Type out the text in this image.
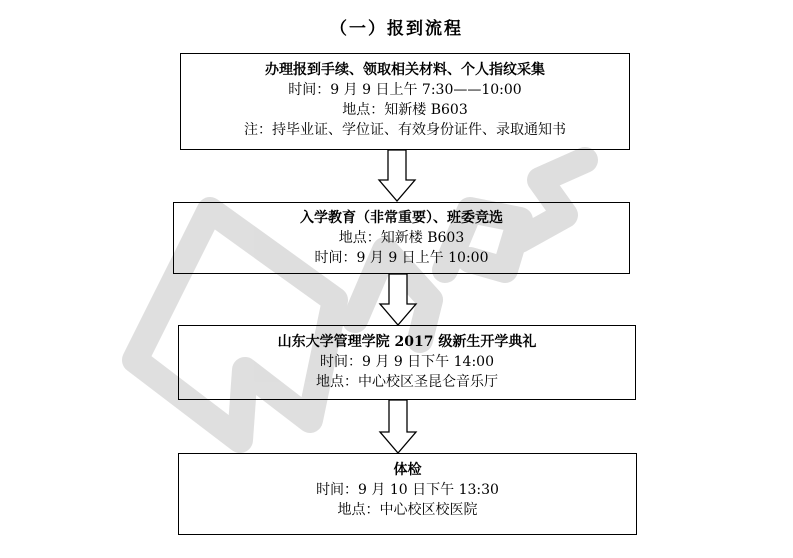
（一）报到流程
办理报到手续、领取相关材料、个人指纹采集
时间：9 月 9 日上午 7:30——10:00
地点：知新楼 B603
注：持毕业证、学位证、有效身份证件、录取通知书
入学教育（非常重要）、班委竞选
地点：知新楼 B603
时间：9 月 9 日上午 10:00
山东大学管理学院 2017 级新生开学典礼
时间：9 月 9 日下午 14:00
地点：中心校区圣昆仑音乐厅
体检
时间：9 月 10 日下午 13:30
地点：中心校区校医院
